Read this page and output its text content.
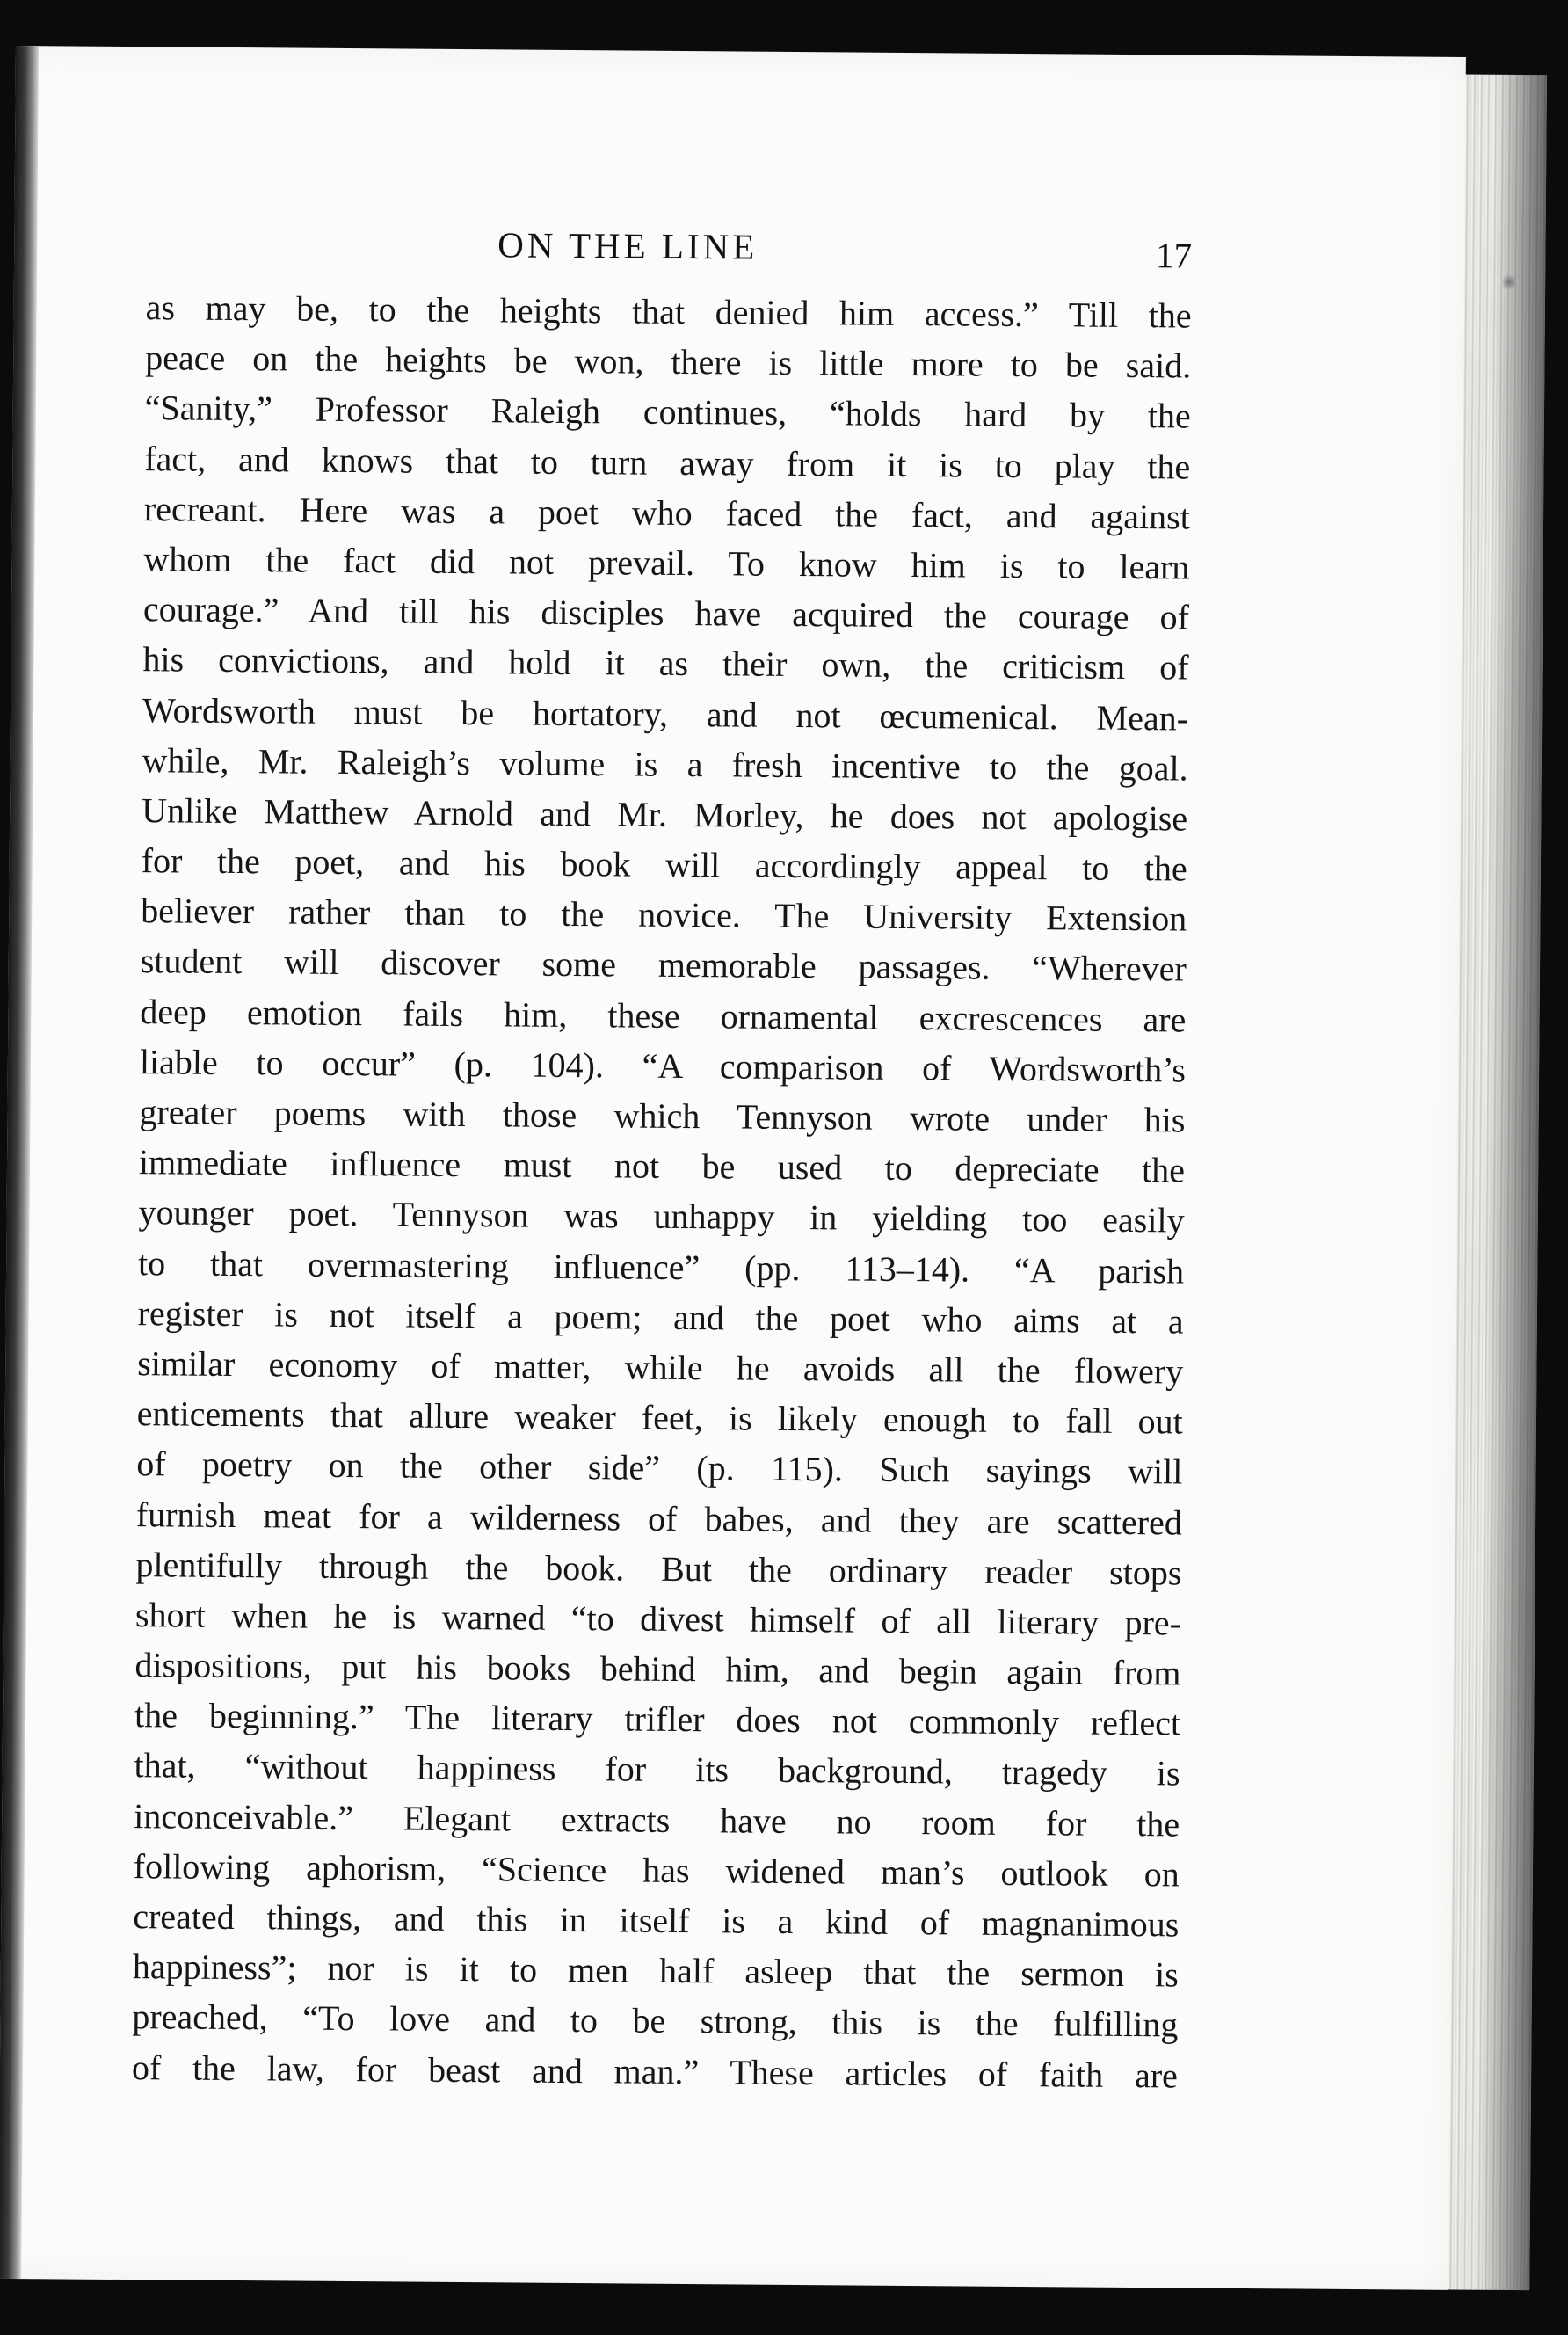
ON THE LINE	17
as may be, to the heights that denied him access.” Till the
peace on the heights be won, there is little more to be said.
“Sanity,” Professor Raleigh continues, “holds hard by the
fact, and knows that to turn away from it is to play the
recreant. Here was a poet who faced the fact, and against
whom the fact did not prevail. To know him is to learn
courage.” And till his disciples have acquired the courage of
his convictions, and hold it as their own, the criticism of
Wordsworth must be hortatory, and not œcumenical. Mean-
while, Mr. Raleigh’s volume is a fresh incentive to the goal.
Unlike Matthew Arnold and Mr. Morley, he does not apologise
for the poet, and his book will accordingly appeal to the
believer rather than to the novice. The University Extension
student will discover some memorable passages. “Wherever
deep emotion fails him, these ornamental excrescences are
liable to occur” (p. 104). “A comparison of Wordsworth’s
greater poems with those which Tennyson wrote under his
immediate influence must not be used to depreciate the
younger poet. Tennyson was unhappy in yielding too easily
to that overmastering influence” (pp. 113–14). “A parish
register is not itself a poem; and the poet who aims at a
similar economy of matter, while he avoids all the flowery
enticements that allure weaker feet, is likely enough to fall out
of poetry on the other side” (p. 115). Such sayings will
furnish meat for a wilderness of babes, and they are scattered
plentifully through the book. But the ordinary reader stops
short when he is warned “to divest himself of all literary pre-
dispositions, put his books behind him, and begin again from
the beginning.” The literary trifler does not commonly reflect
that, “without happiness for its background, tragedy is
inconceivable.” Elegant extracts have no room for the
following aphorism, “Science has widened man’s outlook on
created things, and this in itself is a kind of magnanimous
happiness”; nor is it to men half asleep that the sermon is
preached, “To love and to be strong, this is the fulfilling
of the law, for beast and man.” These articles of faith are
